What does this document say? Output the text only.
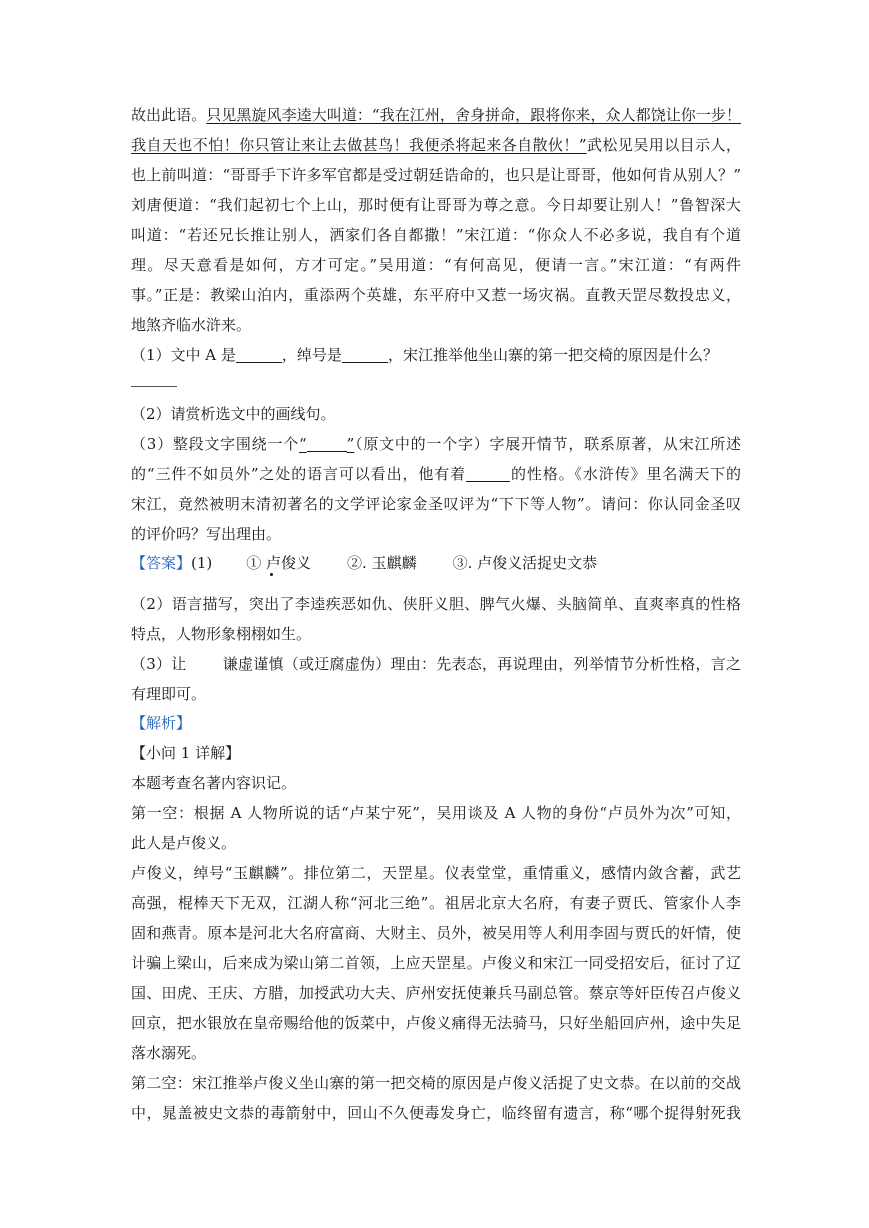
故出此语。只见黑旋风李逵大叫道：“我在江州，舍身拼命，跟将你来，众人都饶让你一步！
我自天也不怕！你只管让来让去做甚鸟！我便杀将起来各自散伙！”武松见吴用以目示人，
也上前叫道：“哥哥手下许多军官都是受过朝廷诰命的，也只是让哥哥，他如何肯从别人？”
刘唐便道：“我们起初七个上山，那时便有让哥哥为尊之意。今日却要让别人！”鲁智深大
叫道：“若还兄长推让别人，洒家们各自都撒！”宋江道：“你众人不必多说，我自有个道
理。尽天意看是如何，方才可定。”吴用道：“有何高见，便请一言。”宋江道：“有两件
事。”正是：教梁山泊内，重添两个英雄，东平府中又惹一场灾祸。直教天罡尽数投忠义，
地煞齐临水浒来。
（1）文中 A 是	，绰号是	，宋江推举他坐山寨的第一把交椅的原因是什么？
（2）请赏析选文中的画线句。
（3）整段文字围绕一个“	”（原文中的一个字）字展开情节，联系原著，从宋江所述
的“三件不如员外”之处的语言可以看出，他有着	的性格。《水浒传》里名满天下的
宋江，竟然被明末清初著名的文学评论家金圣叹评为“下下等人物”。请问：你认同金圣叹
的评价吗？写出理由。
【答案】(1) ① 卢俊义 ②. 玉麒麟 ③. 卢俊义活捉史文恭
（2）语言描写，突出了李逵疾恶如仇、侠肝义胆、脾气火爆、头脑简单、直爽率真的性格
特点，人物形象栩栩如生。
（3）让 谦虚谨慎（或迂腐虚伪）理由：先表态，再说理由，列举情节分析性格，言之
有理即可。
【解析】
【小问 1 详解】
本题考查名著内容识记。
第一空：根据 A 人物所说的话“卢某宁死”，吴用谈及 A 人物的身份“卢员外为次”可知，
此人是卢俊义。
卢俊义，绰号“玉麒麟”。排位第二，天罡星。仪表堂堂，重情重义，感情内敛含蓄，武艺
高强，棍棒天下无双，江湖人称“河北三绝”。祖居北京大名府，有妻子贾氏、管家仆人李
固和燕青。原本是河北大名府富商、大财主、员外，被吴用等人利用李固与贾氏的奸情，使
计骗上梁山，后来成为梁山第二首领，上应天罡星。卢俊义和宋江一同受招安后，征讨了辽
国、田虎、王庆、方腊，加授武功大夫、庐州安抚使兼兵马副总管。蔡京等奸臣传召卢俊义
回京，把水银放在皇帝赐给他的饭菜中，卢俊义痛得无法骑马，只好坐船回庐州，途中失足
落水溺死。
第二空：宋江推举卢俊义坐山寨的第一把交椅的原因是卢俊义活捉了史文恭。在以前的交战
中，晁盖被史文恭的毒箭射中，回山不久便毒发身亡，临终留有遗言，称“哪个捉得射死我
